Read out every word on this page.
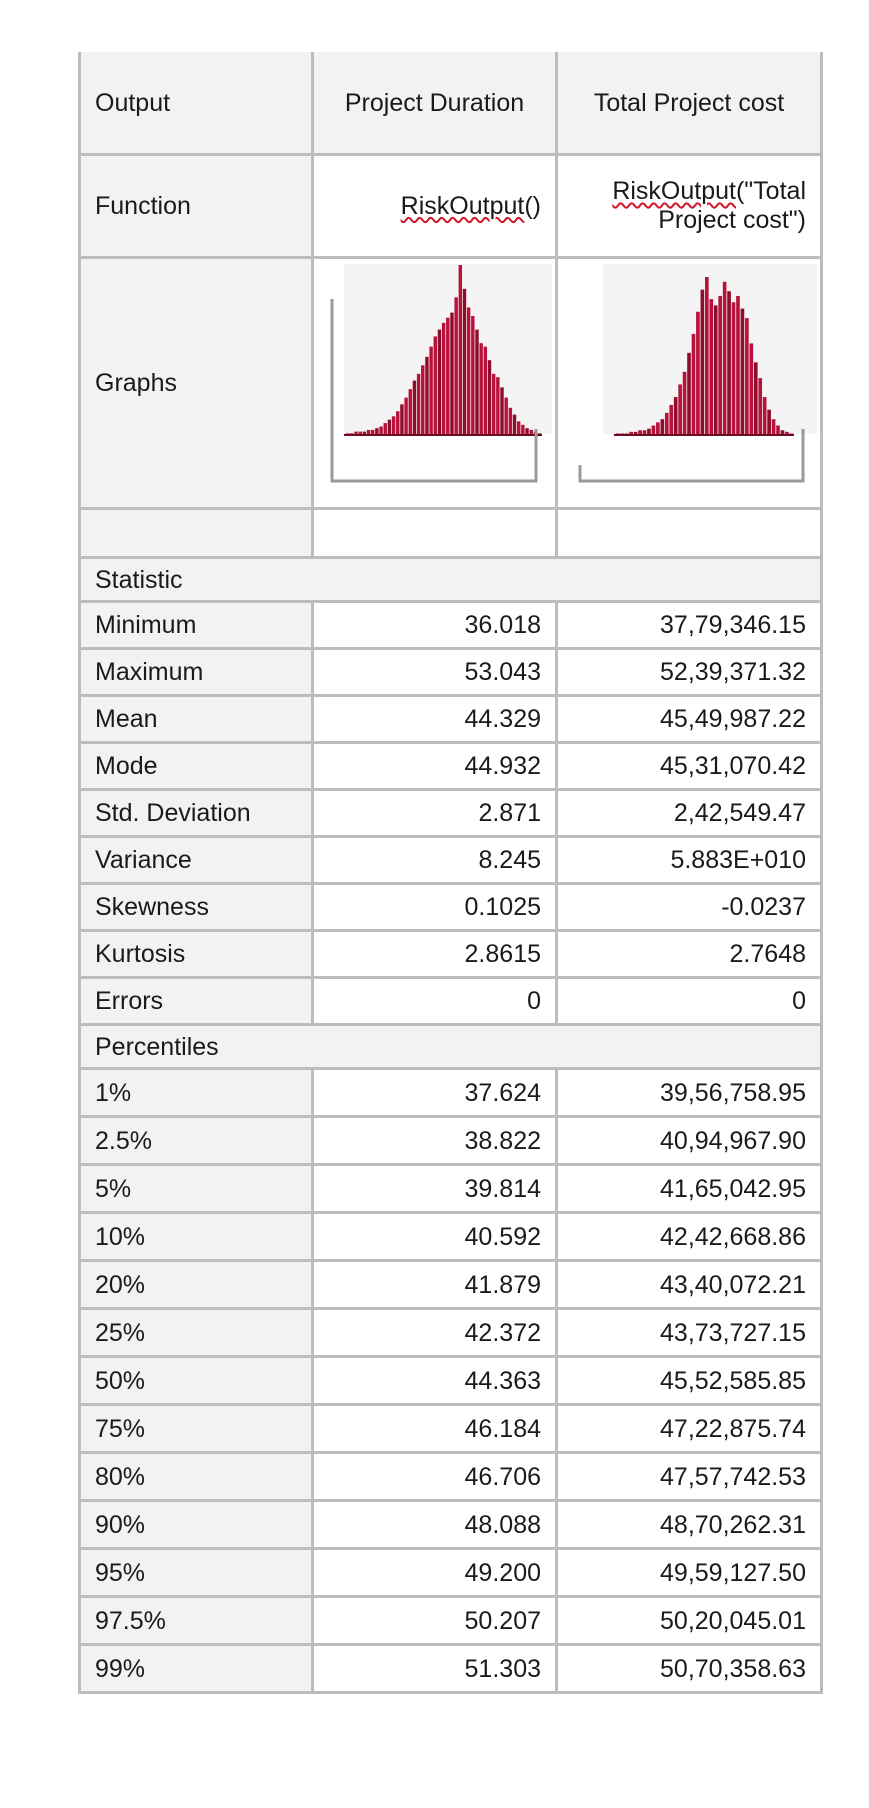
Output	Project Duration	Total Project cost
Function	RiskOutput()	RiskOutput("Total
Project cost")
Graphs	

Statistic		
Minimum	36.018	37,79,346.15
Maximum	53.043	52,39,371.32
Mean	44.329	45,49,987.22
Mode	44.932	45,31,070.42
Std. Deviation	2.871	2,42,549.47
Variance	8.245	5.883E+010
Skewness	0.1025	-0.0237
Kurtosis	2.8615	2.7648
Errors	0	0
Percentiles		
1%	37.624	39,56,758.95
2.5%	38.822	40,94,967.90
5%	39.814	41,65,042.95
10%	40.592	42,42,668.86
20%	41.879	43,40,072.21
25%	42.372	43,73,727.15
50%	44.363	45,52,585.85
75%	46.184	47,22,875.74
80%	46.706	47,57,742.53
90%	48.088	48,70,262.31
95%	49.200	49,59,127.50
97.5%	50.207	50,20,045.01
99%	51.303	50,70,358.63
